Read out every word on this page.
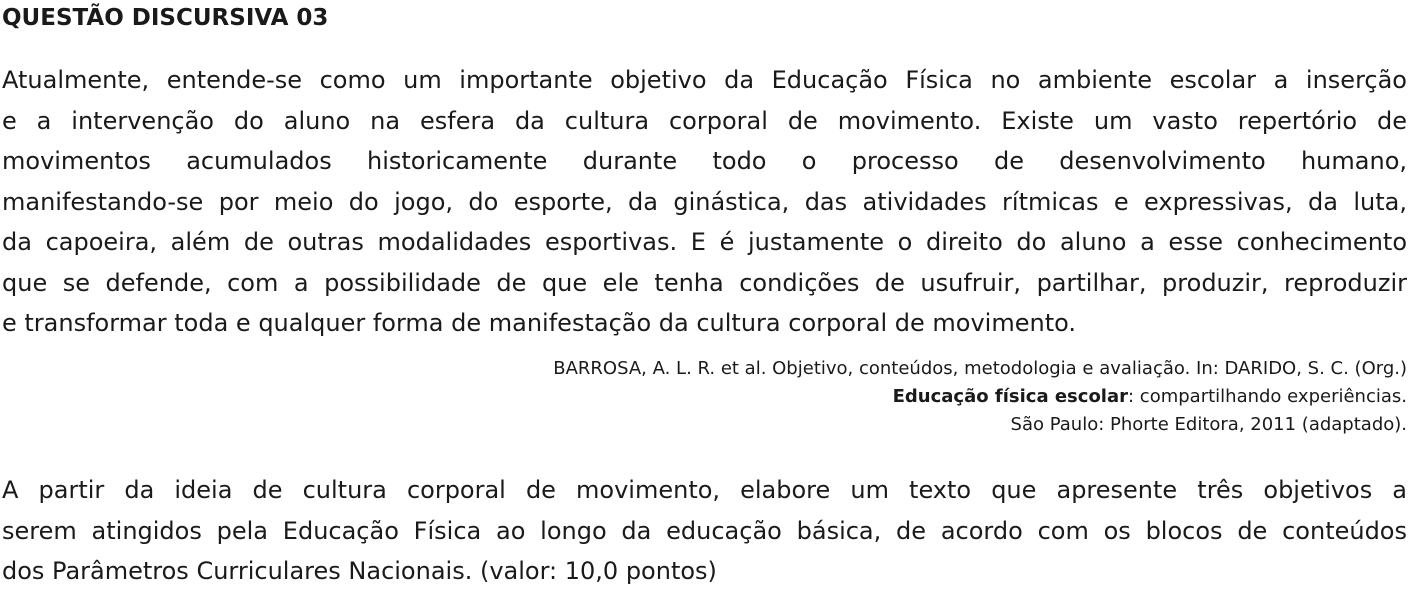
QUESTÃO DISCURSIVA 03
Atualmente, entende-se como um importante objetivo da Educação Física no ambiente escolar a inserção
e a intervenção do aluno na esfera da cultura corporal de movimento. Existe um vasto repertório de
movimentos acumulados historicamente durante todo o processo de desenvolvimento humano,
manifestando-se por meio do jogo, do esporte, da ginástica, das atividades rítmicas e expressivas, da luta,
da capoeira, além de outras modalidades esportivas. E é justamente o direito do aluno a esse conhecimento
que se defende, com a possibilidade de que ele tenha condições de usufruir, partilhar, produzir, reproduzir
e transformar toda e qualquer forma de manifestação da cultura corporal de movimento.
BARROSA, A. L. R. et al. Objetivo, conteúdos, metodologia e avaliação. In: DARIDO, S. C. (Org.)
Educação física escolar: compartilhando experiências.
São Paulo: Phorte Editora, 2011 (adaptado).
A partir da ideia de cultura corporal de movimento, elabore um texto que apresente três objetivos a
serem atingidos pela Educação Física ao longo da educação básica, de acordo com os blocos de conteúdos
dos Parâmetros Curriculares Nacionais. (valor: 10,0 pontos)
